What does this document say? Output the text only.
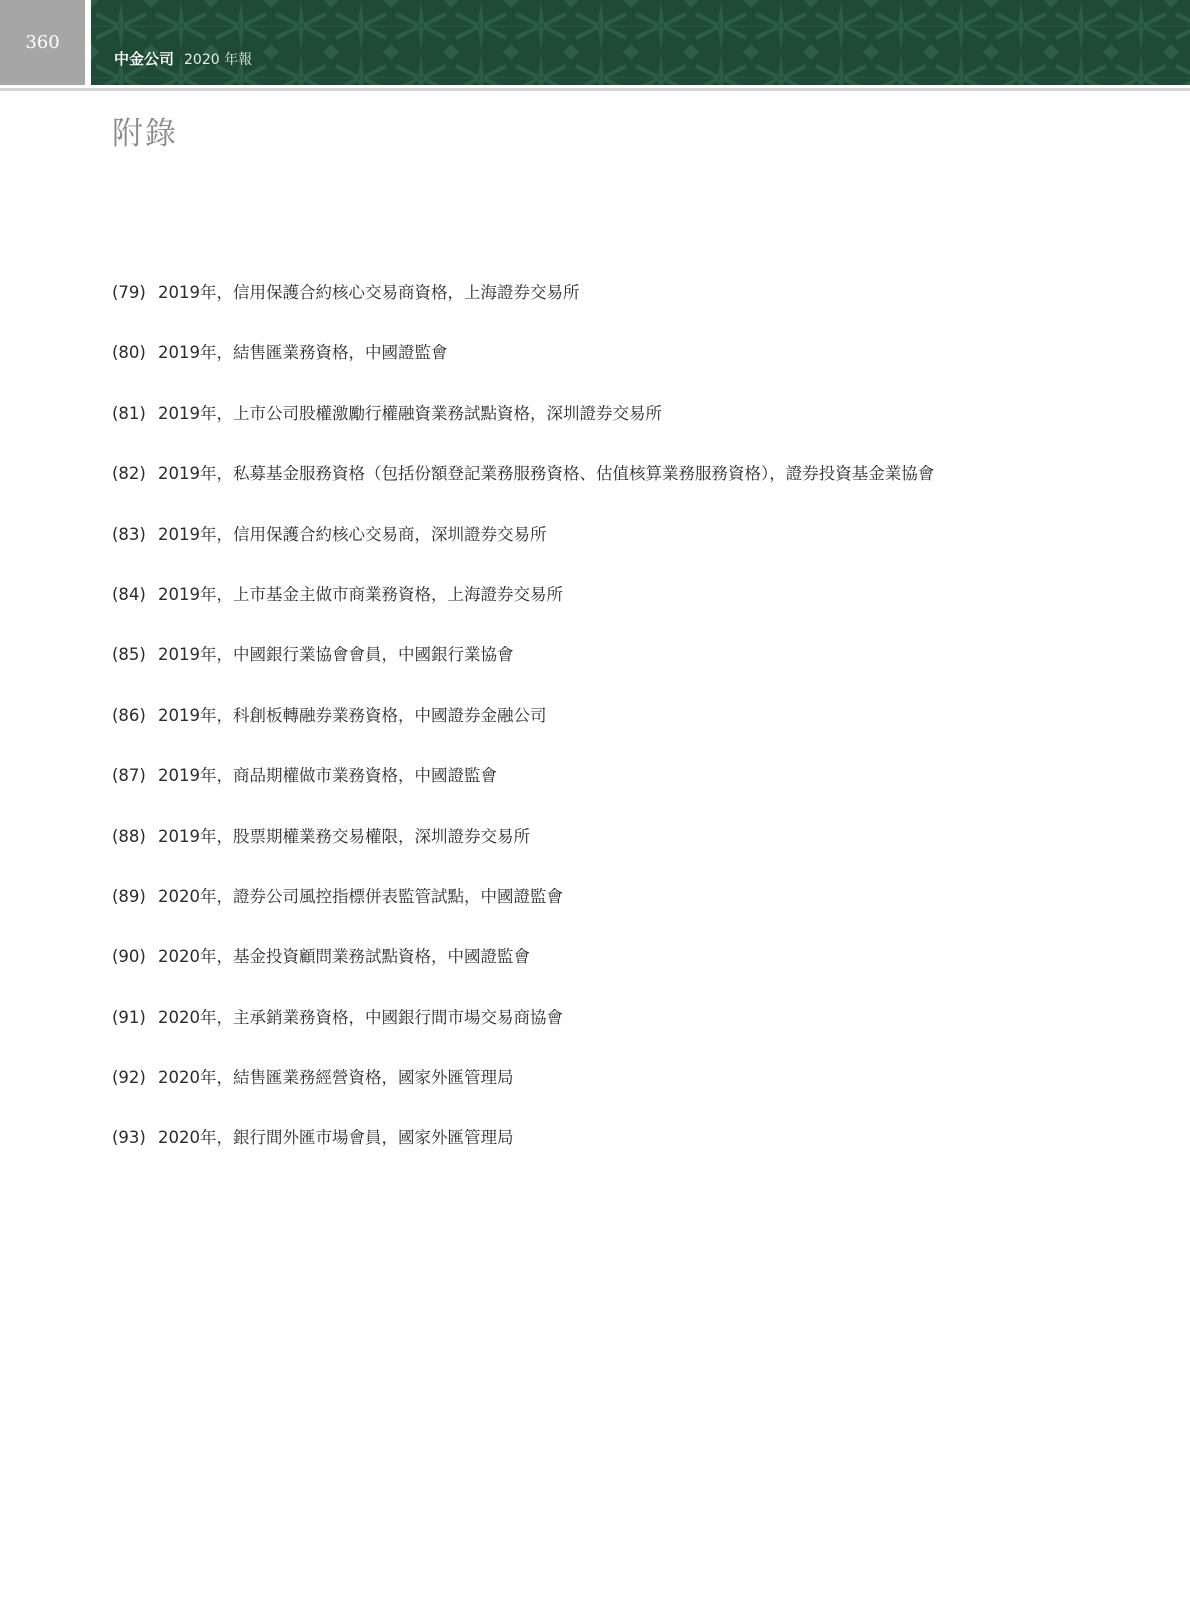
360
中金公司 2020 年報
附錄
(79) 2019年，信用保護合約核心交易商資格，上海證券交易所
(80) 2019年，結售匯業務資格，中國證監會
(81) 2019年，上市公司股權激勵行權融資業務試點資格，深圳證券交易所
(82) 2019年，私募基金服務資格（包括份額登記業務服務資格、估值核算業務服務資格），證券投資基金業協會
(83) 2019年，信用保護合約核心交易商，深圳證券交易所
(84) 2019年，上市基金主做市商業務資格，上海證券交易所
(85) 2019年，中國銀行業協會會員，中國銀行業協會
(86) 2019年，科創板轉融券業務資格，中國證券金融公司
(87) 2019年，商品期權做市業務資格，中國證監會
(88) 2019年，股票期權業務交易權限，深圳證券交易所
(89) 2020年，證券公司風控指標併表監管試點，中國證監會
(90) 2020年，基金投資顧問業務試點資格，中國證監會
(91) 2020年，主承銷業務資格，中國銀行間市場交易商協會
(92) 2020年，結售匯業務經營資格，國家外匯管理局
(93) 2020年，銀行間外匯市場會員，國家外匯管理局
